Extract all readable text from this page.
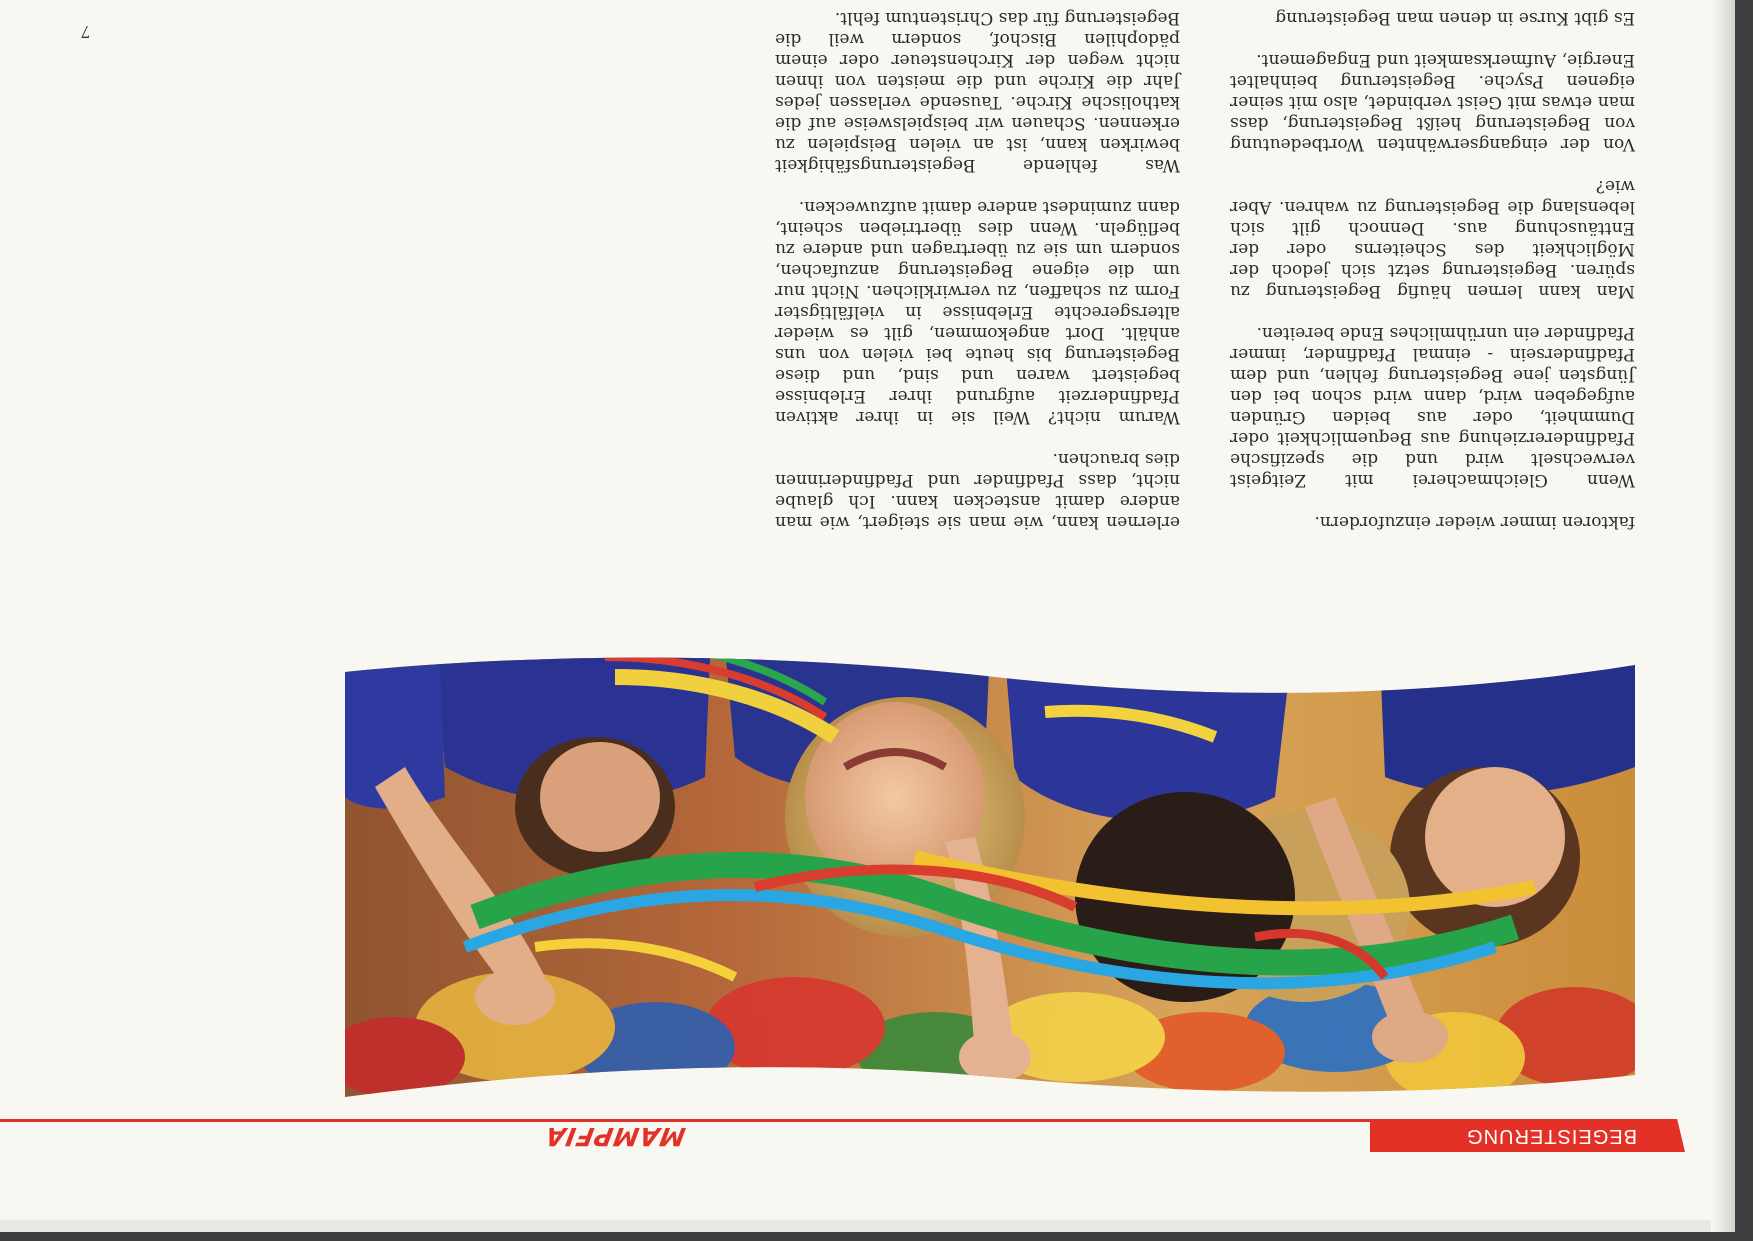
BEGEISTERUNG
MAMPFIA

faktoren immer wieder einzufordern.

Wenn Gleichmacherei mit Zeitgeist verwechselt wird und die spezifische Pfadfindererziehung aus Bequemlichkeit oder Dummheit, oder aus beiden Gründen aufgegeben wird, dann wird schon bei den Jüngsten jene Begeisterung fehlen, und dem Pfadfindersein - einmal Pfadfinder, immer Pfadfinder ein unrühmliches Ende bereiten.

Man kann lernen häufig Begeisterung zu spüren. Begeisterung setzt sich jedoch der Möglichkeit des Scheiterns oder der Enttäuschung aus. Dennoch gilt sich lebenslang die Begeisterung zu wahren. Aber wie?

Von der eingangserwähnten Wortbedeutung von Begeisterung heißt Begeisterung, dass man etwas mit Geist verbindet, also mit seiner eigenen Psyche. Begeisterung beinhaltet Energie, Aufmerksamkeit und Engagement.

Es gibt Kurse in denen man Begeisterung

erlernen kann, wie man sie steigert, wie man andere damit anstecken kann. Ich glaube nicht, dass Pfadfinder und Pfadfinderinnen dies brauchen.

Warum nicht? Weil sie in ihrer aktiven Pfadfinderzeit aufgrund ihrer Erlebnisse begeistert waren und sind, und diese Begeisterung bis heute bei vielen von uns anhält. Dort angekommen, gilt es wieder altersgerechte Erlebnisse in vielfältigster Form zu schaffen, zu verwirklichen. Nicht nur um die eigene Begeisterung anzufachen, sondern um sie zu übertragen und andere zu beflügeln. Wenn dies übertrieben scheint, dann zumindest andere damit aufzuwecken.

Was fehlende Begeisterungsfähigkeit bewirken kann, ist an vielen Beispielen zu erkennen. Schauen wir beispielsweise auf die katholische Kirche. Tausende verlassen jedes Jahr die Kirche und die meisten von ihnen nicht wegen der Kirchensteuer oder einem pädophilen Bischof, sondern weil die Begeisterung für das Christentum fehlt.

7
